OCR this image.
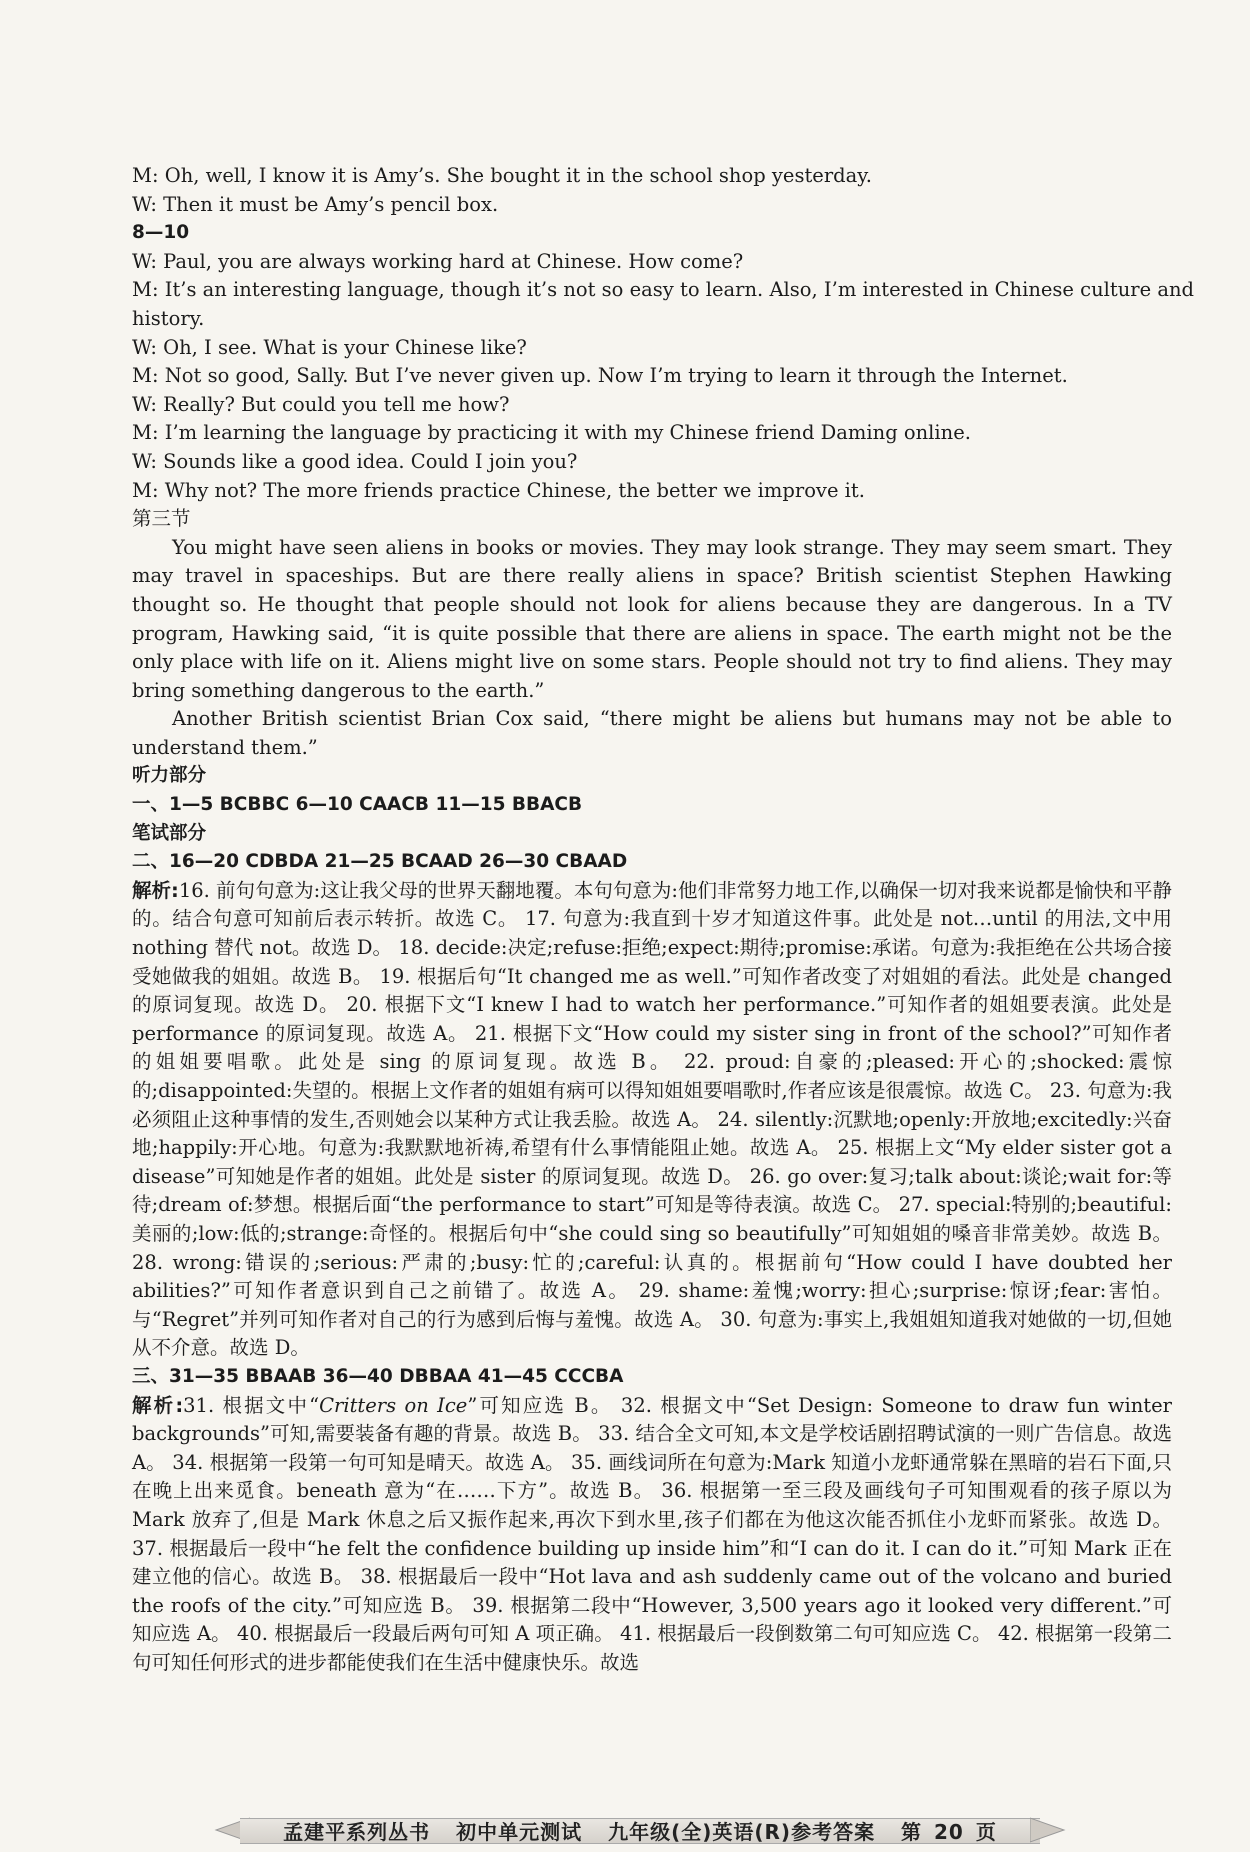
M: Oh, well, I know it is Amy’s. She bought it in the school shop yesterday.
W: Then it must be Amy’s pencil box.
8—10
W: Paul, you are always working hard at Chinese. How come?
M: It’s an interesting language, though it’s not so easy to learn. Also, I’m interested in Chinese culture and
history.
W: Oh, I see. What is your Chinese like?
M: Not so good, Sally. But I’ve never given up. Now I’m trying to learn it through the Internet.
W: Really? But could you tell me how?
M: I’m learning the language by practicing it with my Chinese friend Daming online.
W: Sounds like a good idea. Could I join you?
M: Why not? The more friends practice Chinese, the better we improve it.
第三节
You might have seen aliens in books or movies. They may look strange. They may seem smart. They may travel in spaceships. But are there really aliens in space? British scientist Stephen Hawking thought so. He thought that people should not look for aliens because they are dangerous. In a TV program, Hawking said, “it is quite possible that there are aliens in space. The earth might not be the only place with life on it. Aliens might live on some stars. People should not try to find aliens. They may bring something dangerous to the earth.”
Another British scientist Brian Cox said, “there might be aliens but humans may not be able to understand them.”
听力部分
一、1—5 BCBBC 6—10 CAACB 11—15 BBACB
笔试部分
二、16—20 CDBDA 21—25 BCAAD 26—30 CBAAD

解析:16. 前句句意为:这让我父母的世界天翻地覆。本句句意为:他们非常努力地工作,以确保一切对我来说都是愉快和平静的。结合句意可知前后表示转折。故选 C。 17. 句意为:我直到十岁才知道这件事。此处是 not…until 的用法,文中用 nothing 替代 not。故选 D。 18. decide:决定;refuse:拒绝;expect:期待;promise:承诺。句意为:我拒绝在公共场合接受她做我的姐姐。故选 B。 19. 根据后句“It changed me as well.”可知作者改变了对姐姐的看法。此处是 changed 的原词复现。故选 D。 20. 根据下文“I knew I had to watch her performance.”可知作者的姐姐要表演。此处是 performance 的原词复现。故选 A。 21. 根据下文“How could my sister sing in front of the school?”可知作者的姐姐要唱歌。此处是 sing 的原词复现。故选 B。 22. proud:自豪的;pleased:开心的;shocked:震惊的;disappointed:失望的。根据上文作者的姐姐有病可以得知姐姐要唱歌时,作者应该是很震惊。故选 C。 23. 句意为:我必须阻止这种事情的发生,否则她会以某种方式让我丢脸。故选 A。 24. silently:沉默地;openly:开放地;excitedly:兴奋地;happily:开心地。句意为:我默默地祈祷,希望有什么事情能阻止她。故选 A。 25. 根据上文“My elder sister got a disease”可知她是作者的姐姐。此处是 sister 的原词复现。故选 D。 26. go over:复习;talk about:谈论;wait for:等待;dream of:梦想。根据后面“the performance to start”可知是等待表演。故选 C。 27. special:特别的;beautiful:美丽的;low:低的;strange:奇怪的。根据后句中“she could sing so beautifully”可知姐姐的嗓音非常美妙。故选 B。 28. wrong:错误的;serious:严肃的;busy:忙的;careful:认真的。根据前句“How could I have doubted her abilities?”可知作者意识到自己之前错了。故选 A。 29. shame:羞愧;worry:担心;surprise:惊讶;fear:害怕。与“Regret”并列可知作者对自己的行为感到后悔与羞愧。故选 A。 30. 句意为:事实上,我姐姐知道我对她做的一切,但她从不介意。故选 D。

三、31—35 BBAAB 36—40 DBBAA 41—45 CCCBA

解析:31. 根据文中“Critters on Ice”可知应选 B。 32. 根据文中“Set Design: Someone to draw fun winter backgrounds”可知,需要装备有趣的背景。故选 B。 33. 结合全文可知,本文是学校话剧招聘试演的一则广告信息。故选 A。 34. 根据第一段第一句可知是晴天。故选 A。 35. 画线词所在句意为:Mark 知道小龙虾通常躲在黑暗的岩石下面,只在晚上出来觅食。beneath 意为“在……下方”。故选 B。 36. 根据第一至三段及画线句子可知围观看的孩子原以为 Mark 放弃了,但是 Mark 休息之后又振作起来,再次下到水里,孩子们都在为他这次能否抓住小龙虾而紧张。故选 D。 37. 根据最后一段中“he felt the confidence building up inside him”和“I can do it. I can do it.”可知 Mark 正在建立他的信心。故选 B。 38. 根据最后一段中“Hot lava and ash suddenly came out of the volcano and buried the roofs of the city.”可知应选 B。 39. 根据第二段中“However, 3,500 years ago it looked very different.”可知应选 A。 40. 根据最后一段最后两句可知 A 项正确。 41. 根据最后一段倒数第二句可知应选 C。 42. 根据第一段第二句可知任何形式的进步都能使我们在生活中健康快乐。故选

孟建平系列丛书 初中单元测试 九年级(全)英语(R)参考答案 第 20 页
